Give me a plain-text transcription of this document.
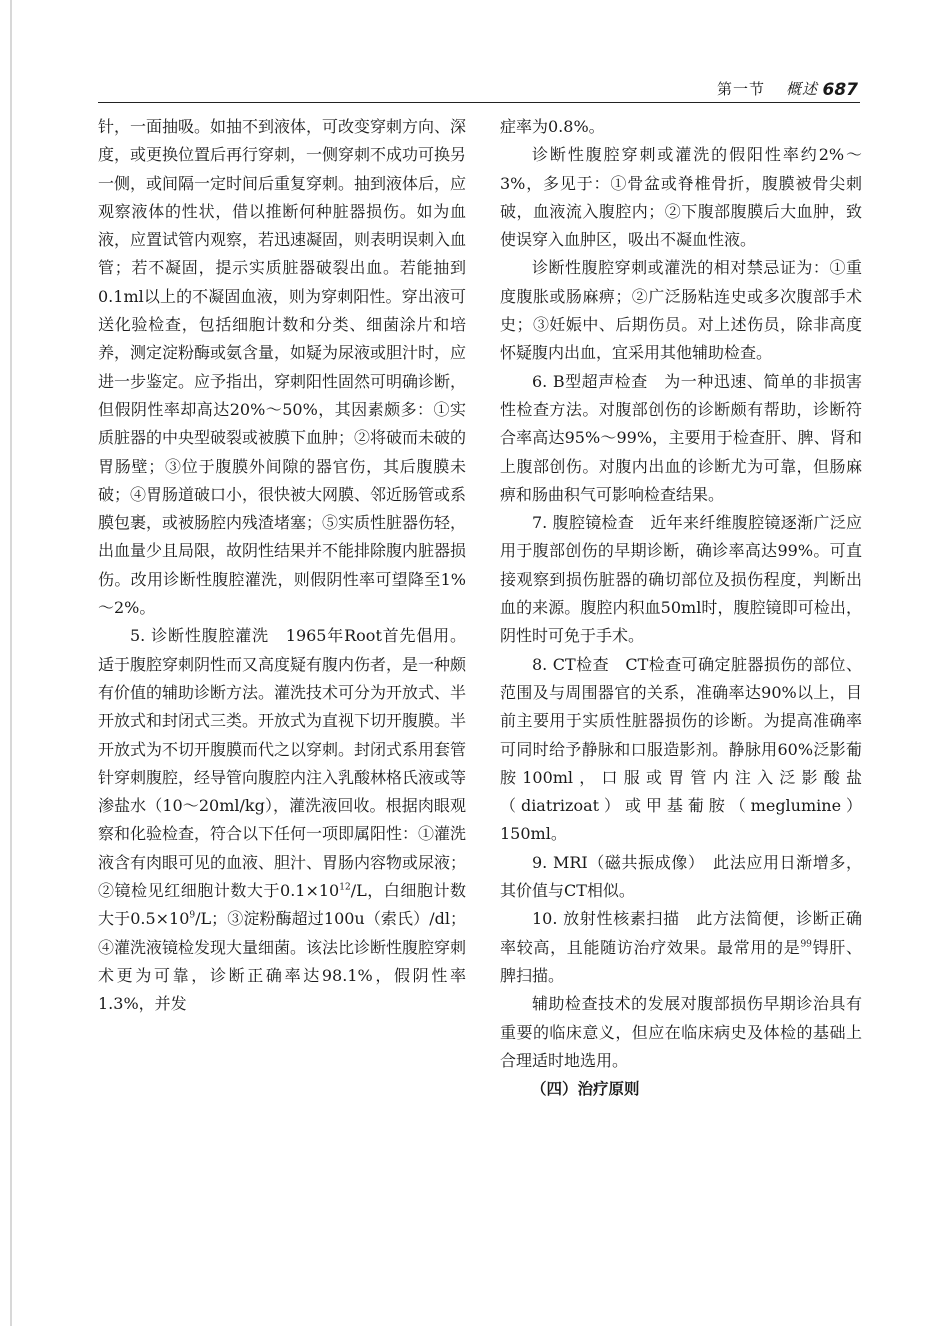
第一节 概述 687

针，一面抽吸。如抽不到液体，可改变穿刺方向、深度，或更换位置后再行穿刺，一侧穿刺不成功可换另一侧，或间隔一定时间后重复穿刺。抽到液体后，应观察液体的性状，借以推断何种脏器损伤。如为血液，应置试管内观察，若迅速凝固，则表明误刺入血管；若不凝固，提示实质脏器破裂出血。若能抽到0.1ml以上的不凝固血液，则为穿刺阳性。穿出液可送化验检查，包括细胞计数和分类、细菌涂片和培养，测定淀粉酶或氨含量，如疑为尿液或胆汁时，应进一步鉴定。应予指出，穿刺阳性固然可明确诊断，但假阴性率却高达20%～50%，其因素颇多：①实质脏器的中央型破裂或被膜下血肿；②将破而未破的胃肠壁；③位于腹膜外间隙的器官伤，其后腹膜未破；④胃肠道破口小，很快被大网膜、邻近肠管或系膜包裹，或被肠腔内残渣堵塞；⑤实质性脏器伤轻，出血量少且局限，故阴性结果并不能排除腹内脏器损伤。改用诊断性腹腔灌洗，则假阴性率可望降至1%～2%。

5. 诊断性腹腔灌洗　1965年Root首先倡用。适于腹腔穿刺阴性而又高度疑有腹内伤者，是一种颇有价值的辅助诊断方法。灌洗技术可分为开放式、半开放式和封闭式三类。开放式为直视下切开腹膜。半开放式为不切开腹膜而代之以穿刺。封闭式系用套管针穿刺腹腔，经导管向腹腔内注入乳酸林格氏液或等渗盐水（10～20ml/kg），灌洗液回收。根据肉眼观察和化验检查，符合以下任何一项即属阳性：①灌洗液含有肉眼可见的血液、胆汁、胃肠内容物或尿液；②镜检见红细胞计数大于$0.1\times 10^{12}/L$，白细胞计数大于$0.5\times 10^9/L$；③淀粉酶超过100u（索氏）/dl；④灌洗液镜检发现大量细菌。该法比诊断性腹腔穿刺术更为可靠，诊断正确率达98.1%，假阴性率1.3%，并发

症率为0.8%。

诊断性腹腔穿刺或灌洗的假阳性率约2%～3%，多见于：①骨盆或脊椎骨折，腹膜被骨尖刺破，血液流入腹腔内；②下腹部腹膜后大血肿，致使误穿入血肿区，吸出不凝血性液。

诊断性腹腔穿刺或灌洗的相对禁忌证为：①重度腹胀或肠麻痹；②广泛肠粘连史或多次腹部手术史；③妊娠中、后期伤员。对上述伤员，除非高度怀疑腹内出血，宜采用其他辅助检查。

6. B型超声检查　为一种迅速、简单的非损害性检查方法。对腹部创伤的诊断颇有帮助，诊断符合率高达95%～99%，主要用于检查肝、脾、肾和上腹部创伤。对腹内出血的诊断尤为可靠，但肠麻痹和肠曲积气可影响检查结果。

7. 腹腔镜检查　近年来纤维腹腔镜逐渐广泛应用于腹部创伤的早期诊断，确诊率高达99%。可直接观察到损伤脏器的确切部位及损伤程度，判断出血的来源。腹腔内积血50ml时，腹腔镜即可检出，阴性时可免于手术。

8. CT检查　CT检查可确定脏器损伤的部位、范围及与周围器官的关系，准确率达90%以上，目前主要用于实质性脏器损伤的诊断。为提高准确率可同时给予静脉和口服造影剂。静脉用60%泛影葡胺100ml，口服或胃管内注入泛影酸盐（diatrizoat）或甲基葡胺（meglumine）150ml。

9. MRI（磁共振成像）　此法应用日渐增多，其价值与CT相似。

10. 放射性核素扫描　此方法简便，诊断正确率较高，且能随访治疗效果。最常用的是$^{99}$锝肝、脾扫描。

辅助检查技术的发展对腹部损伤早期诊治具有重要的临床意义，但应在临床病史及体检的基础上合理适时地选用。

（四）治疗原则
